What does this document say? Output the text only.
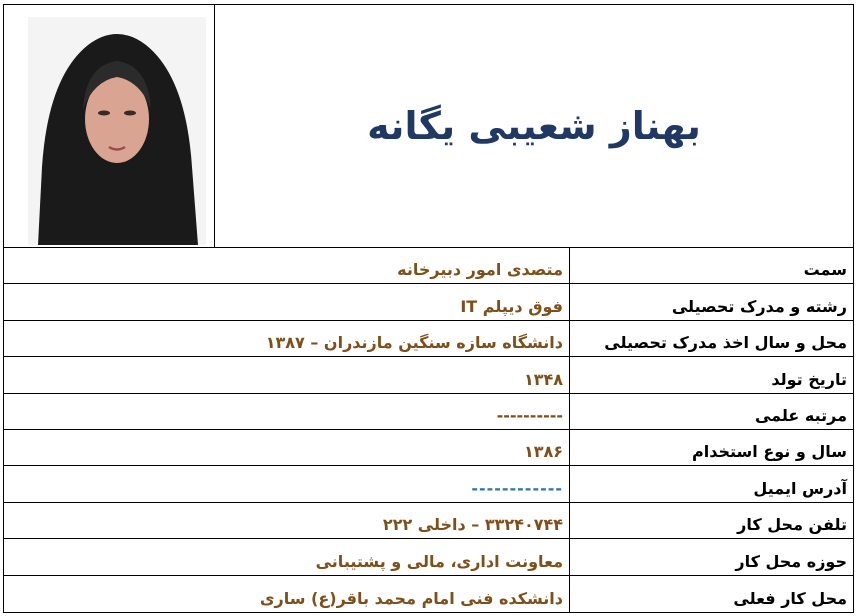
بهناز شعیبی یگانه
سمت
متصدی امور دبیرخانه
رشته و مدرک تحصیلی
فوق دیپلم IT
محل و سال اخذ مدرک تحصیلی
دانشگاه سازه سنگین مازندران – ۱۳۸۷
تاریخ تولد
۱۳۴۸
مرتبه علمی
----------
سال و نوع استخدام
۱۳۸۶
آدرس ایمیل
------------
تلفن محل کار
۳۳۲۴۰۷۴۴ – داخلی ۲۲۲
حوزه محل کار
معاونت اداری، مالی و پشتیبانی
محل کار فعلی
دانشکده فنی امام محمد باقر(ع) ساری
